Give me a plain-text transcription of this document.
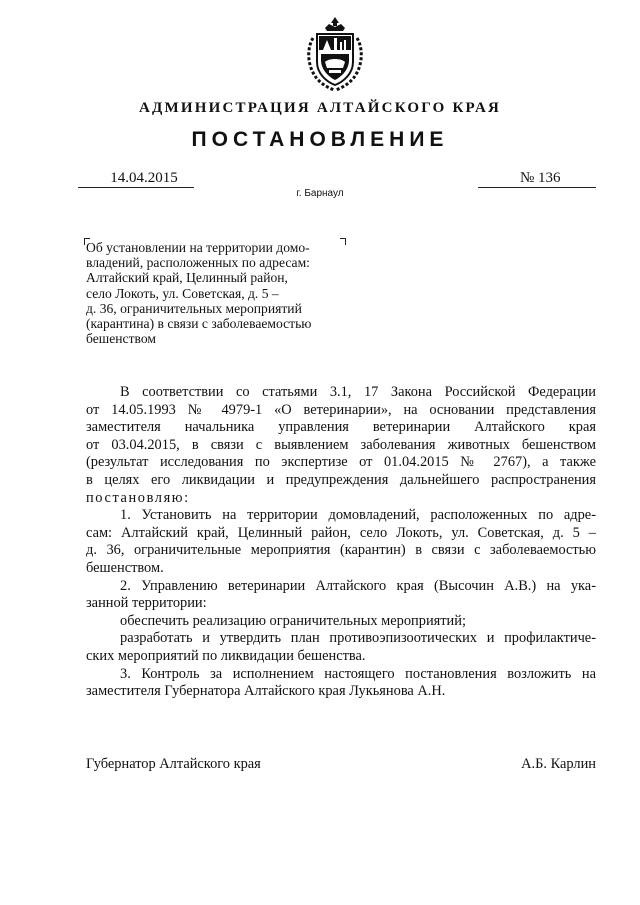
АДМИНИСТРАЦИЯ АЛТАЙСКОГО КРАЯ
ПОСТАНОВЛЕНИЕ
14.04.2015	№ 136
г. Барнаул
Об установлении на территории домо-
владений, расположенных по адресам:
Алтайский край, Целинный район,
село Локоть, ул. Советская, д. 5 –
д. 36, ограничительных мероприятий
(карантина) в связи с заболеваемостью
бешенством
В соответствии со статьями 3.1, 17 Закона Российской Федерации
от 14.05.1993 № 4979-1 «О ветеринарии», на основании представления
заместителя начальника управления ветеринарии Алтайского края
от 03.04.2015, в связи с выявлением заболевания животных бешенством
(результат исследования по экспертизе от 01.04.2015 № 2767), а также
в целях его ликвидации и предупреждения дальнейшего распространения
постановляю:
1. Установить на территории домовладений, расположенных по адре-
сам: Алтайский край, Целинный район, село Локоть, ул. Советская, д. 5 –
д. 36, ограничительные мероприятия (карантин) в связи с заболеваемостью
бешенством.
2. Управлению ветеринарии Алтайского края (Высочин А.В.) на ука-
занной территории:
обеспечить реализацию ограничительных мероприятий;
разработать и утвердить план противоэпизоотических и профилактиче-
ских мероприятий по ликвидации бешенства.
3. Контроль за исполнением настоящего постановления возложить на
заместителя Губернатора Алтайского края Лукьянова А.Н.
Губернатор Алтайского края	А.Б. Карлин
